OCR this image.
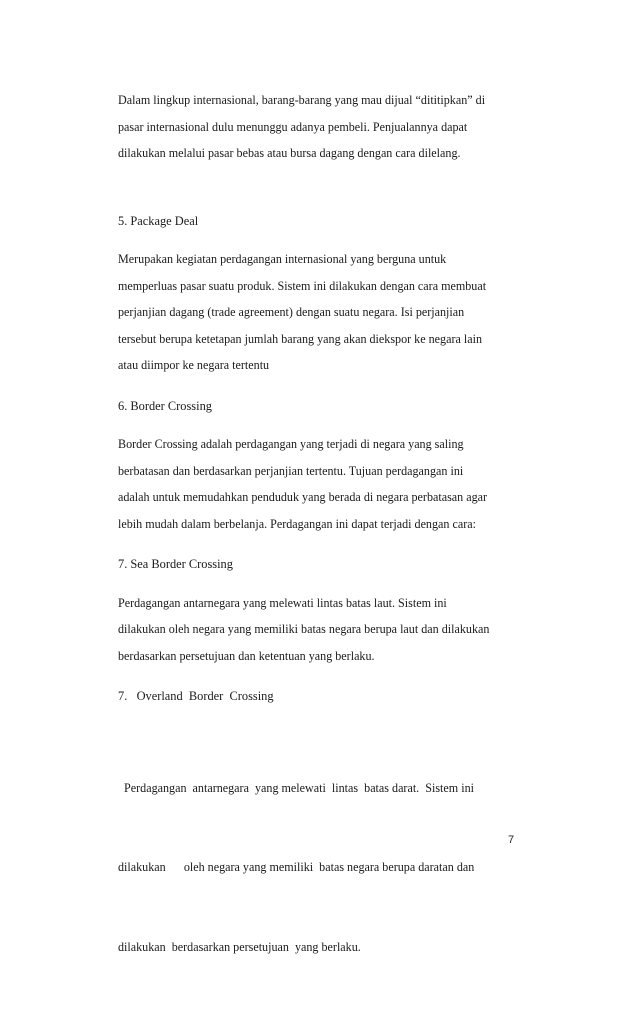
Dalam lingkup internasional, barang-barang yang mau dijual “dititipkan” di
pasar internasional dulu menunggu adanya pembeli. Penjualannya dapat
dilakukan melalui pasar bebas atau bursa dagang dengan cara dilelang.
5. Package Deal
Merupakan kegiatan perdagangan internasional yang berguna untuk
memperluas pasar suatu produk. Sistem ini dilakukan dengan cara membuat
perjanjian dagang (trade agreement) dengan suatu negara. Isi perjanjian
tersebut berupa ketetapan jumlah barang yang akan diekspor ke negara lain
atau diimpor ke negara tertentu
6. Border Crossing
Border Crossing adalah perdagangan yang terjadi di negara yang saling
berbatasan dan berdasarkan perjanjian tertentu. Tujuan perdagangan ini
adalah untuk memudahkan penduduk yang berada di negara perbatasan agar
lebih mudah dalam berbelanja. Perdagangan ini dapat terjadi dengan cara:
7. Sea Border Crossing
Perdagangan antarnegara yang melewati lintas batas laut. Sistem ini
dilakukan oleh negara yang memiliki batas negara berupa laut dan dilakukan
berdasarkan persetujuan dan ketentuan yang berlaku.
7.   Overland  Border  Crossing

Perdagangan  antarnegara  yang melewati  lintas  batas darat.  Sistem ini

dilakukan      oleh negara yang memiliki  batas negara berupa daratan dan

dilakukan  berdasarkan persetujuan  yang berlaku.

7
